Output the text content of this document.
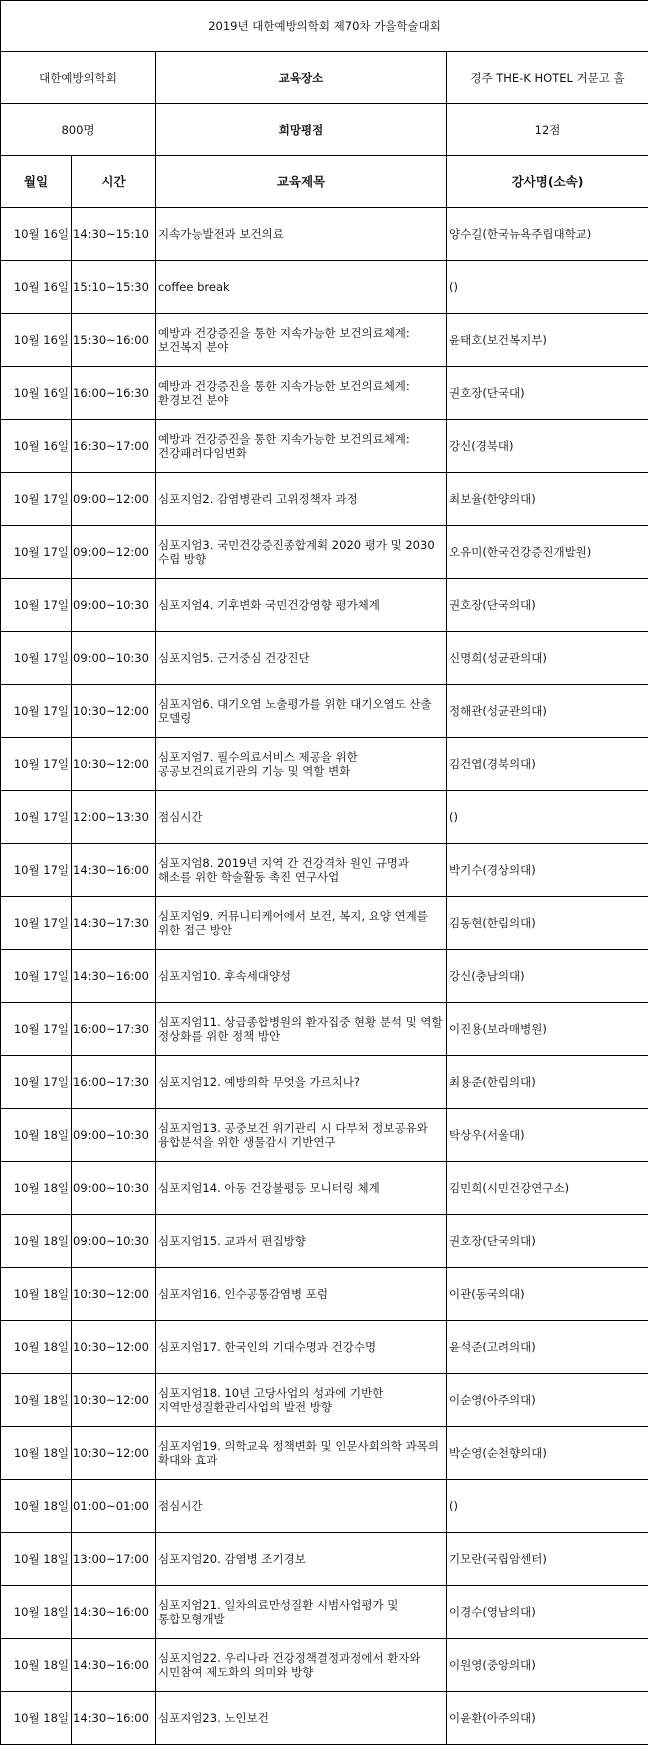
2019년 대한예방의학회 제70차 가을학술대회			
대한예방의학회		교육장소	경주 THE-K HOTEL 거문고 홀
800명		희망평점	12점
월일	시간	교육제목	강사명(소속)
10월 16일	14:30~15:10	지속가능발전과 보건의료	양수길(한국뉴욕주립대학교)
10월 16일	15:10~15:30	coffee break	()
10월 16일	15:30~16:00	예방과 건강증진을 통한 지속가능한 보건의료체계: 보건복지 분야	윤태호(보건복지부)
10월 16일	16:00~16:30	예방과 건강증진을 통한 지속가능한 보건의료체계: 환경보건 분야	권호장(단국대)
10월 16일	16:30~17:00	예방과 건강증진을 통한 지속가능한 보건의료체계: 건강패러다임변화	강신(경북대)
10월 17일	09:00~12:00	심포지엄2. 감염병관리 고위정책자 과정	최보율(한양의대)
10월 17일	09:00~12:00	심포지엄3. 국민건강증진종합계획 2020 평가 및 2030 수립 방향	오유미(한국건강증진개발원)
10월 17일	09:00~10:30	심포지엄4. 기후변화 국민건강영향 평가체계	권호장(단국의대)
10월 17일	09:00~10:30	심포지엄5. 근거중심 건강진단	신명희(성균관의대)
10월 17일	10:30~12:00	심포지엄6. 대기오염 노출평가를 위한 대기오염도 산출 모델링	정해관(성균관의대)
10월 17일	10:30~12:00	심포지엄7. 필수의료서비스 제공을 위한 공공보건의료기관의 기능 및 역할 변화	김건엽(경북의대)
10월 17일	12:00~13:30	점심시간	()
10월 17일	14:30~16:00	심포지엄8. 2019년 지역 간 건강격차 원인 규명과 해소를 위한 학술활동 촉진 연구사업	박기수(경상의대)
10월 17일	14:30~17:30	심포지엄9. 커뮤니티케어에서 보건, 복지, 요양 연계를 위한 접근 방안	김동현(한림의대)
10월 17일	14:30~16:00	심포지엄10. 후속세대양성	강신(충남의대)
10월 17일	16:00~17:30	심포지엄11. 상급종합병원의 환자집중 현황 분석 및 역할 정상화를 위한 정책 방안	이진용(보라매병원)
10월 17일	16:00~17:30	심포지엄12. 예방의학 무엇을 가르치나?	최용준(한림의대)
10월 18일	09:00~10:30	심포지엄13. 공중보건 위기관리 시 다부처 정보공유와 융합분석을 위한 생물감시 기반연구	탁상우(서울대)
10월 18일	09:00~10:30	심포지엄14. 아동 건강불평등 모니터링 체계	김민희(시민건강연구소)
10월 18일	09:00~10:30	심포지엄15. 교과서 편집방향	권호장(단국의대)
10월 18일	10:30~12:00	심포지엄16. 인수공통감염병 포럼	이관(동국의대)
10월 18일	10:30~12:00	심포지엄17. 한국인의 기대수명과 건강수명	윤석준(고려의대)
10월 18일	10:30~12:00	심포지엄18. 10년 고당사업의 성과에 기반한 지역만성질환관리사업의 발전 방향	이순영(아주의대)
10월 18일	10:30~12:00	심포지엄19. 의학교육 정책변화 및 인문사회의학 과목의 확대와 효과	박순영(순천향의대)
10월 18일	01:00~01:00	점심시간	()
10월 18일	13:00~17:00	심포지엄20. 감염병 조기경보	기모란(국립암센터)
10월 18일	14:30~16:00	심포지엄21. 일차의료만성질환 시범사업평가 및 통합모형개발	이경수(영남의대)
10월 18일	14:30~16:00	심포지엄22. 우리나라 건강정책결정과정에서 환자와 시민참여 제도화의 의미와 방향	이원영(중앙의대)
10월 18일	14:30~16:00	심포지엄23. 노인보건	이윤환(아주의대)
